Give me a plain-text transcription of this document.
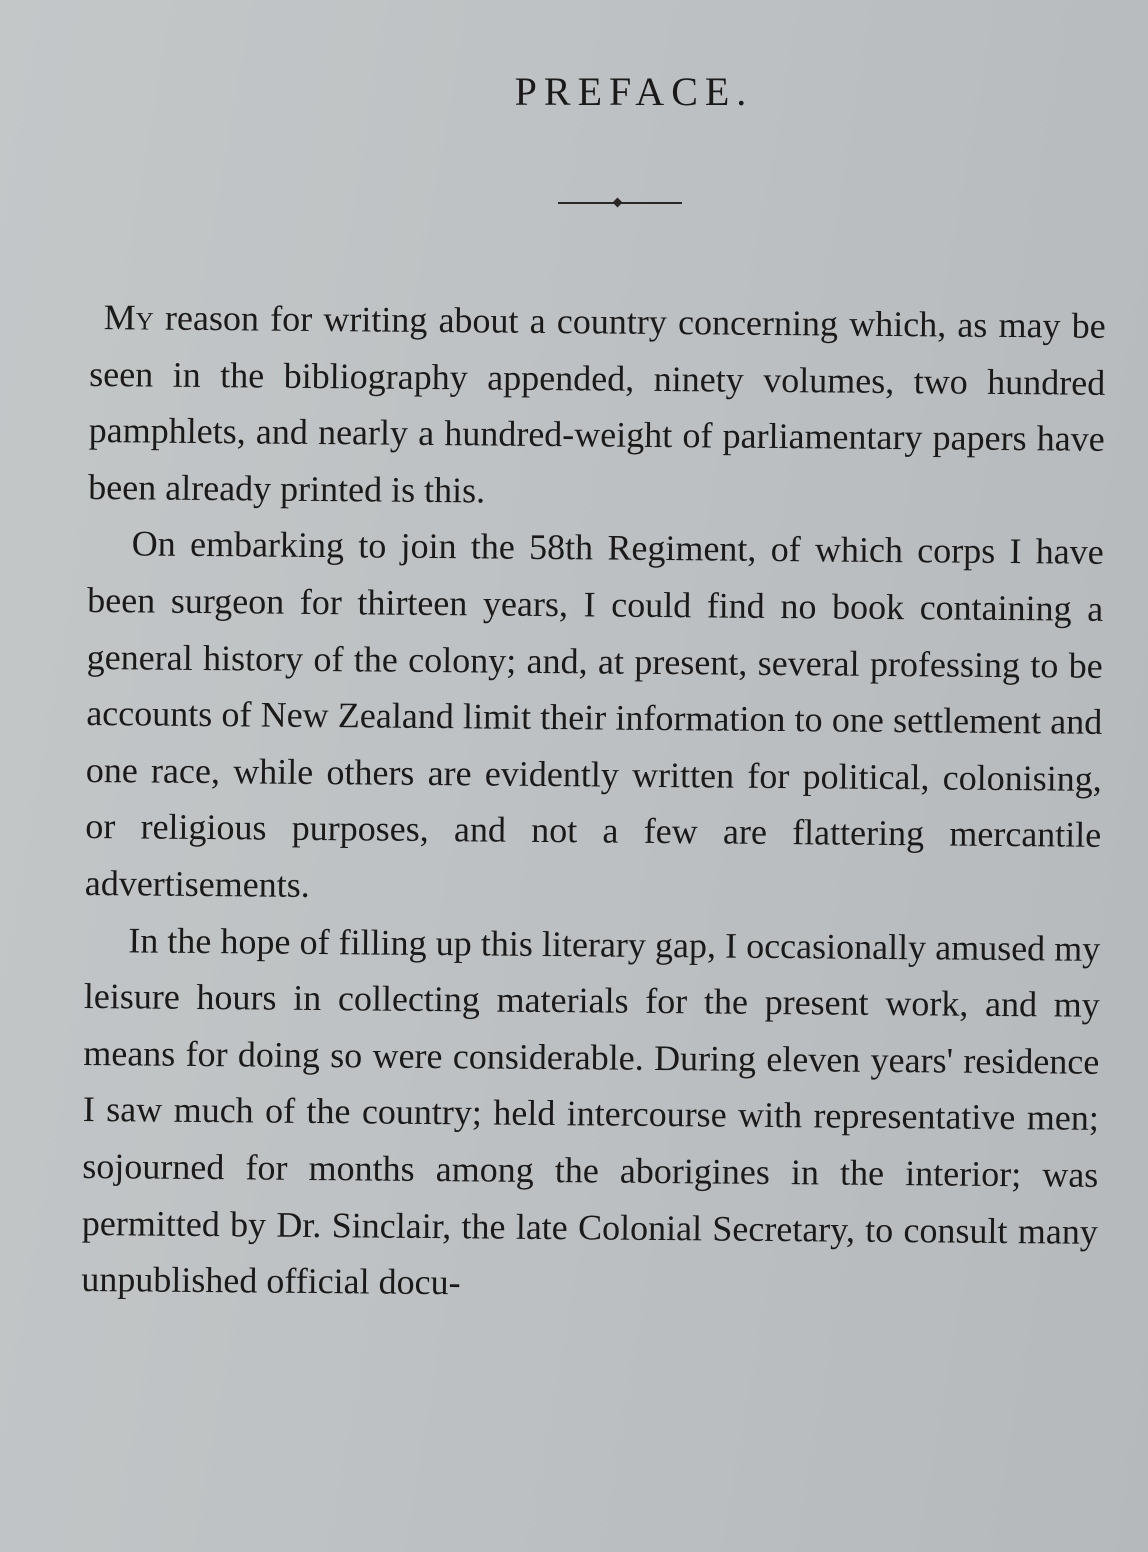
PREFACE.

My reason for writing about a country concerning which, as may be seen in the bibliography appended, ninety volumes, two hundred pamphlets, and nearly a hundred-weight of parliamentary papers have been already printed is this.

On embarking to join the 58th Regiment, of which corps I have been surgeon for thirteen years, I could find no book containing a general history of the colony; and, at present, several professing to be accounts of New Zealand limit their information to one settlement and one race, while others are evidently written for political, colonising, or religious purposes, and not a few are flattering mercantile advertisements.

In the hope of filling up this literary gap, I occasionally amused my leisure hours in collecting materials for the present work, and my means for doing so were considerable. During eleven years' residence I saw much of the country; held intercourse with representative men; sojourned for months among the aborigines in the interior; was permitted by Dr. Sinclair, the late Colonial Secretary, to consult many unpublished official docu-
